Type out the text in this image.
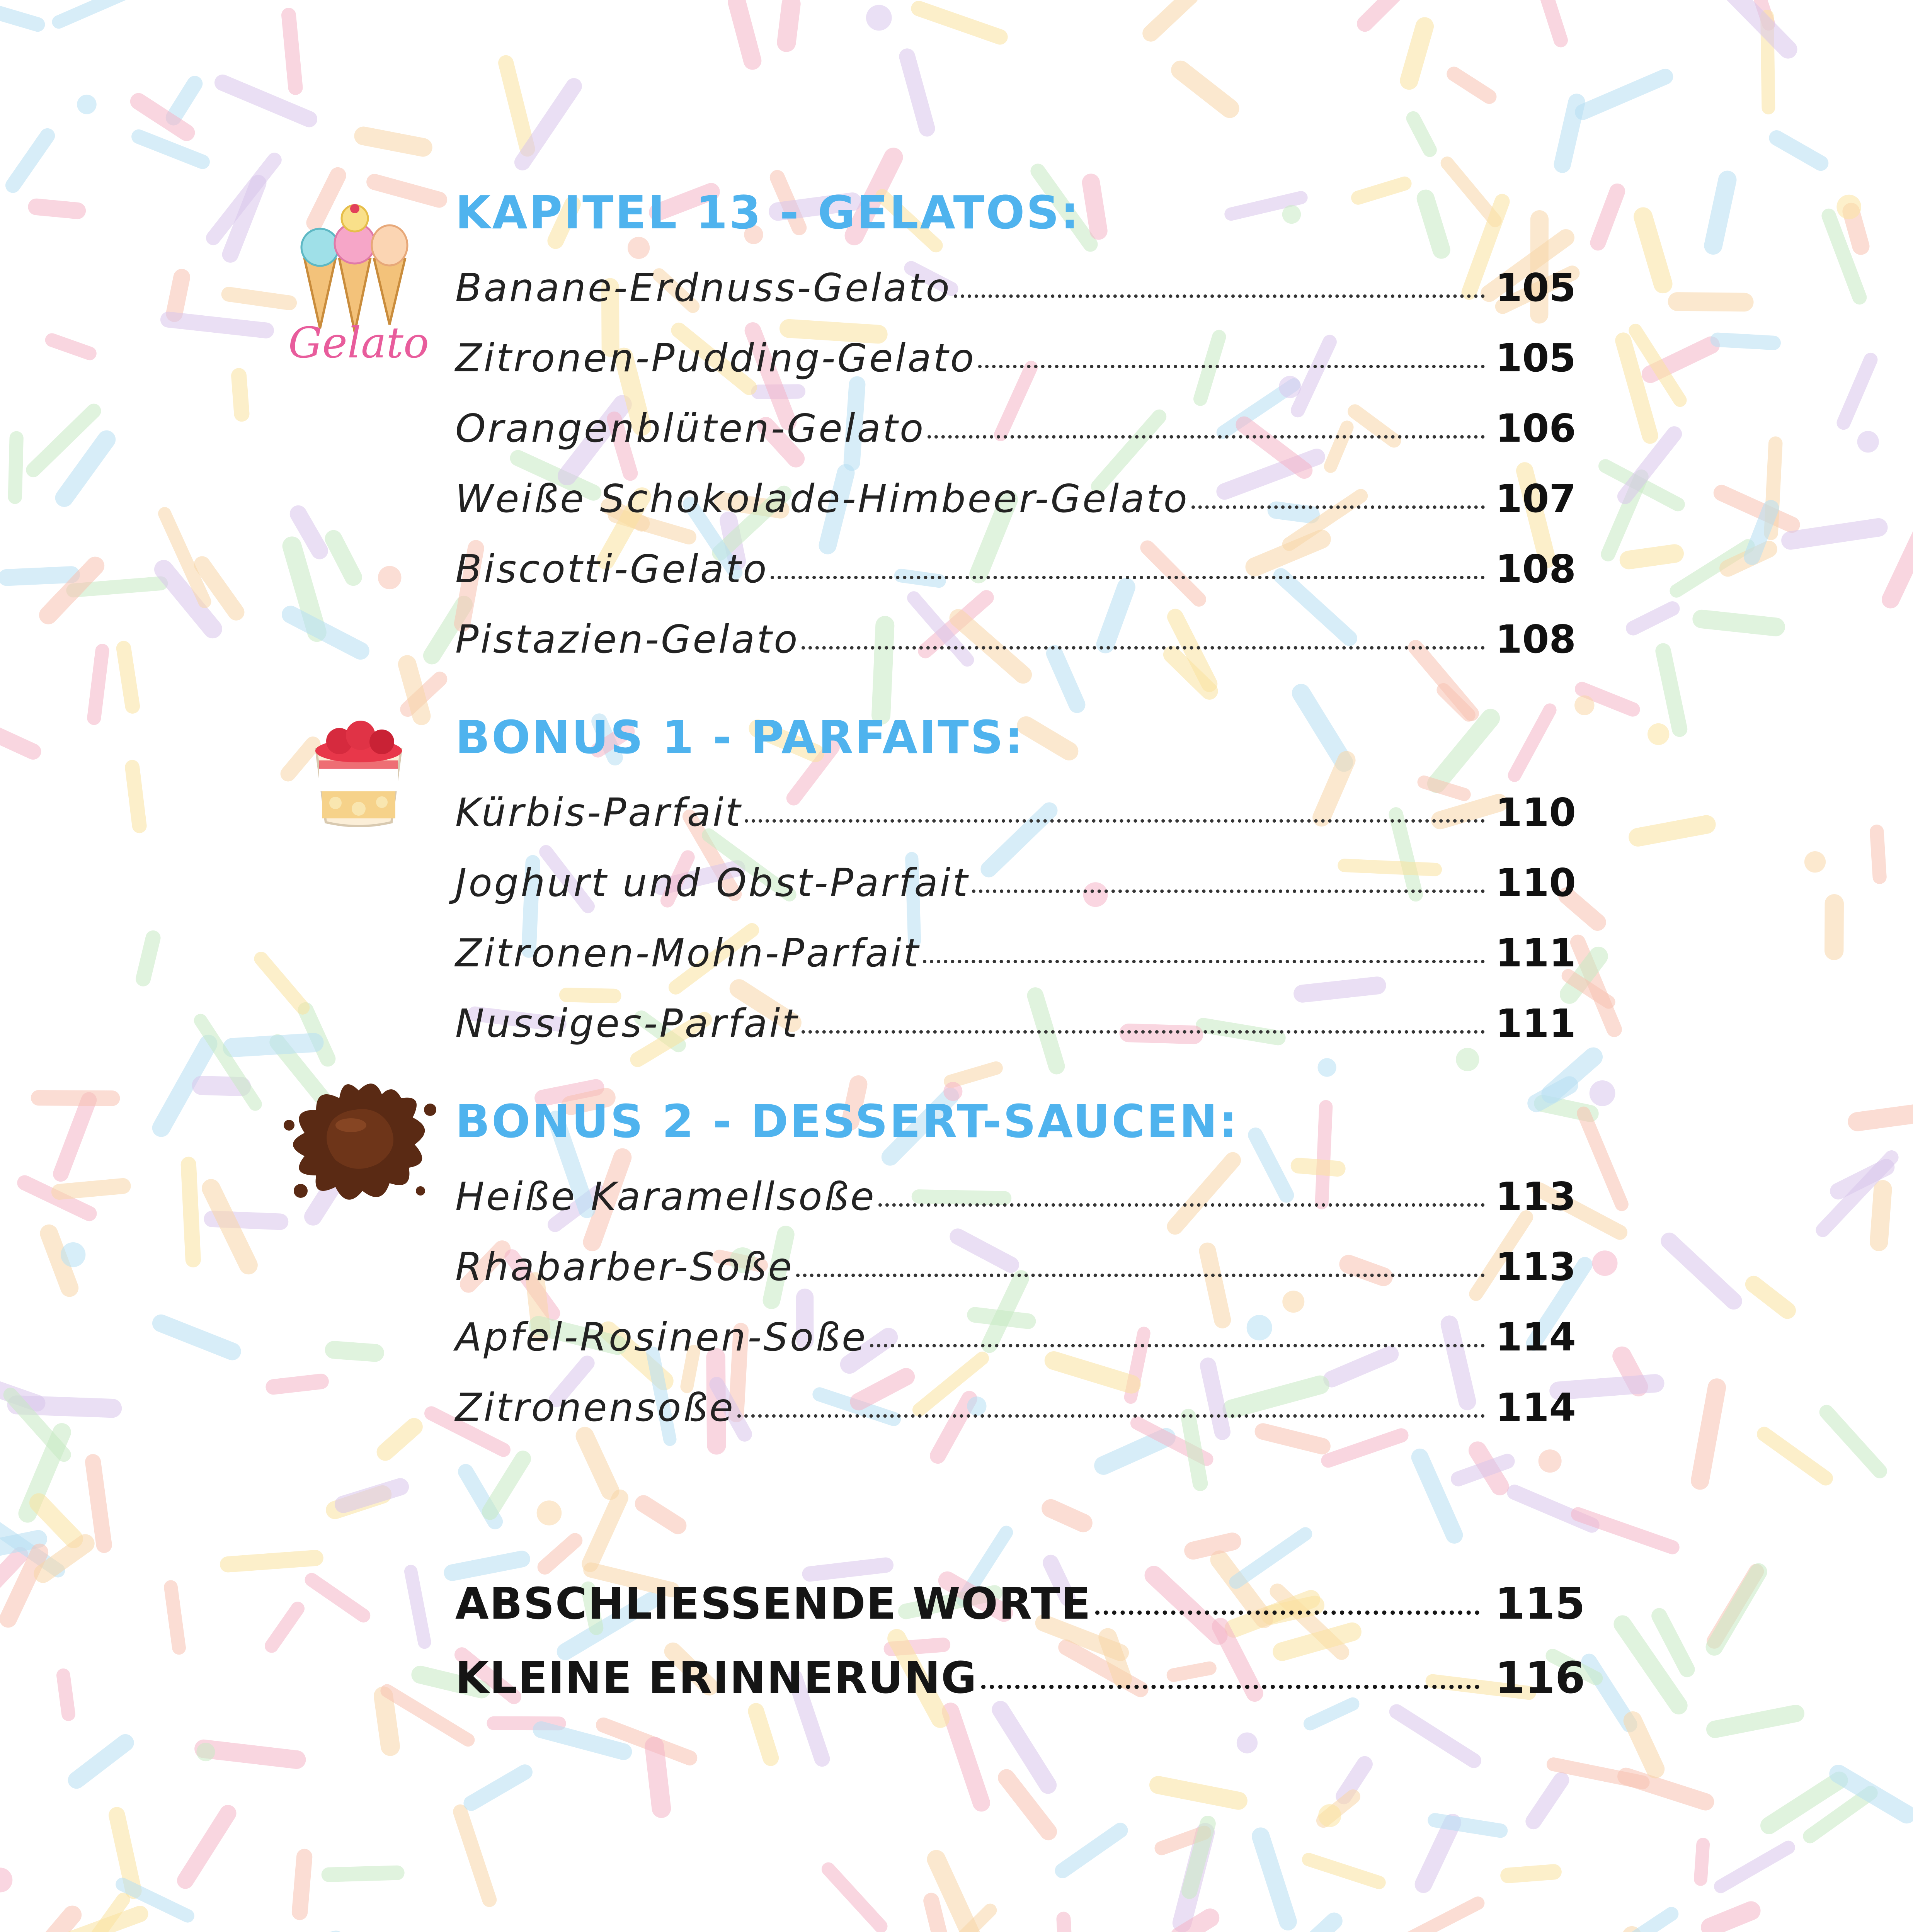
Gelato
KAPITEL 13 - GELATOS:
Banane-Erdnuss-Gelato	105
Zitronen-Pudding-Gelato	105
Orangenblüten-Gelato	106
Weiße Schokolade-Himbeer-Gelato	107
Biscotti-Gelato	108
Pistazien-Gelato	108
BONUS 1 - PARFAITS:
Kürbis-Parfait	110
Joghurt und Obst-Parfait	110
Zitronen-Mohn-Parfait	111
Nussiges-Parfait	111
BONUS 2 - DESSERT-SAUCEN:
Heiße Karamellsoße	113
Rhabarber-Soße	113
Apfel-Rosinen-Soße	114
Zitronensoße	114
ABSCHLIESSENDE WORTE	115
KLEINE ERINNERUNG	116
